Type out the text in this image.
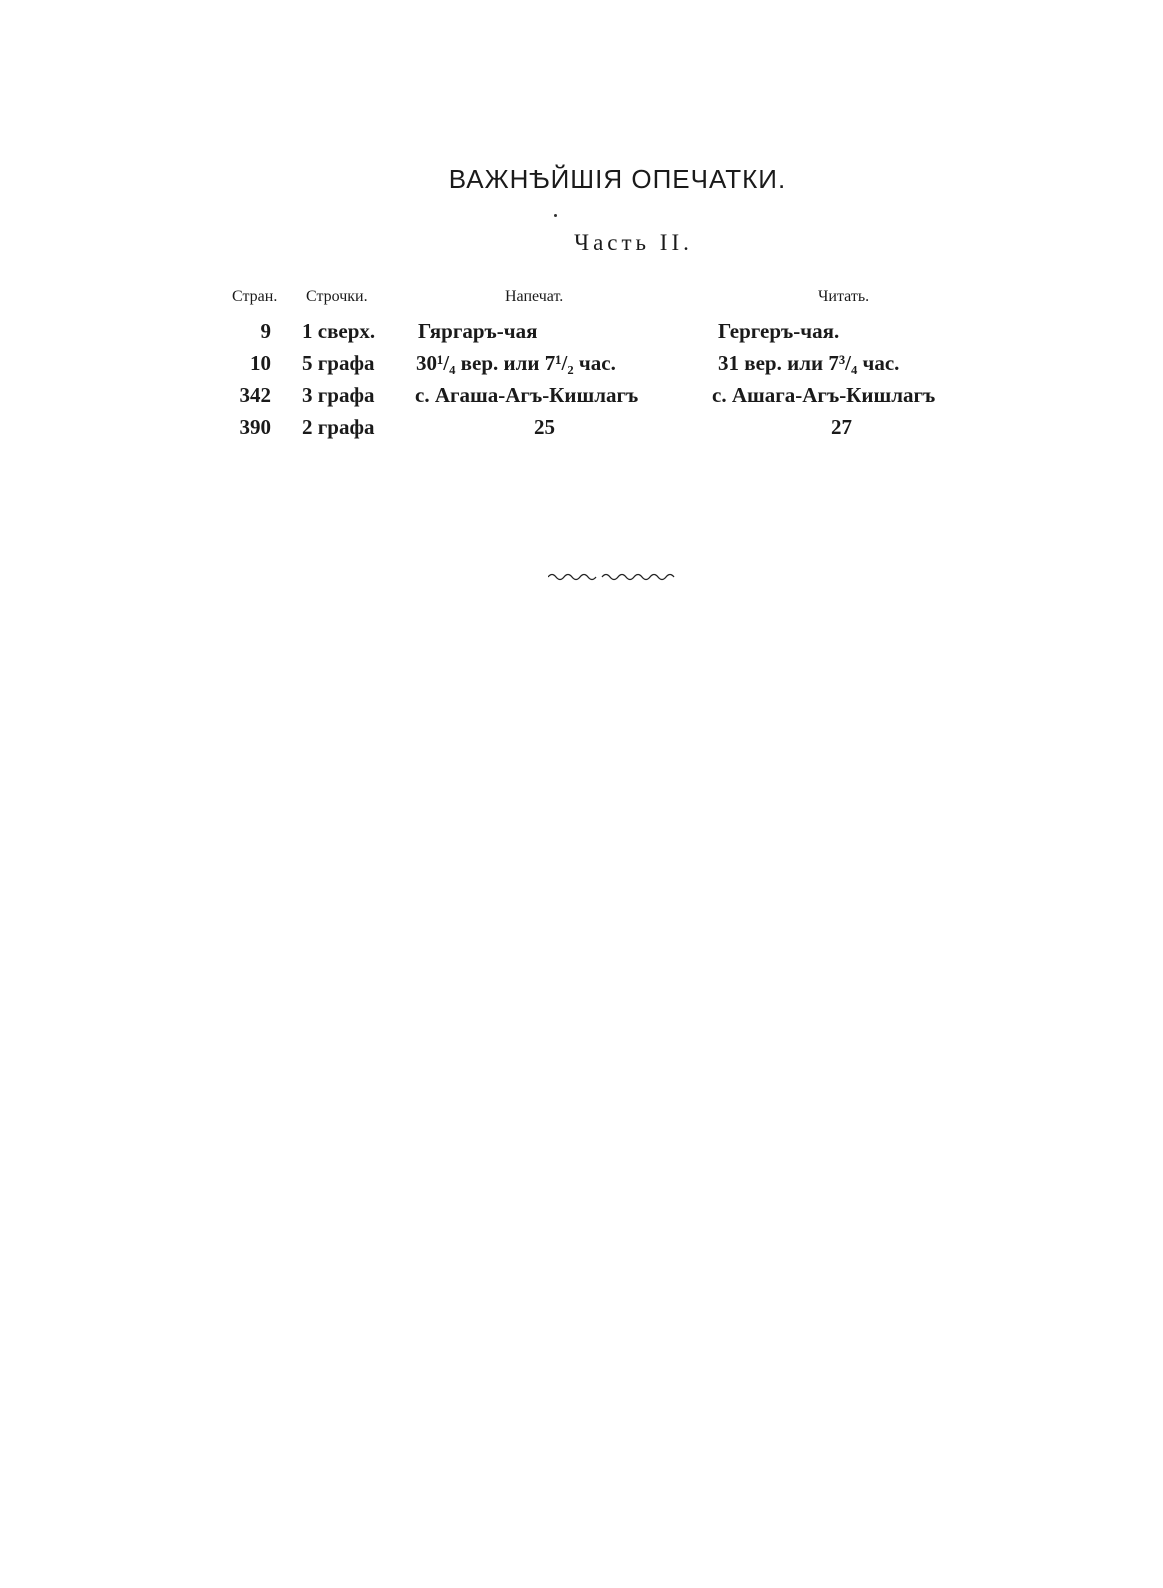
ВАЖНѢЙШІЯ ОПЕЧАТКИ.
Часть II.
Стран. Строчки.	Напечат.	Читать.
9 1 сверх.	Гяргаръ-чая	Гергеръ-чая.
10 5 графа	30¹/₄ вер. или 7¹/₂ час.	31 вер. или 7³/₄ час.
342 3 графа	с. Агаша-Агъ-Кишлагъ	с. Ашага-Агъ-Кишлагъ
390 2 графа	25	27
